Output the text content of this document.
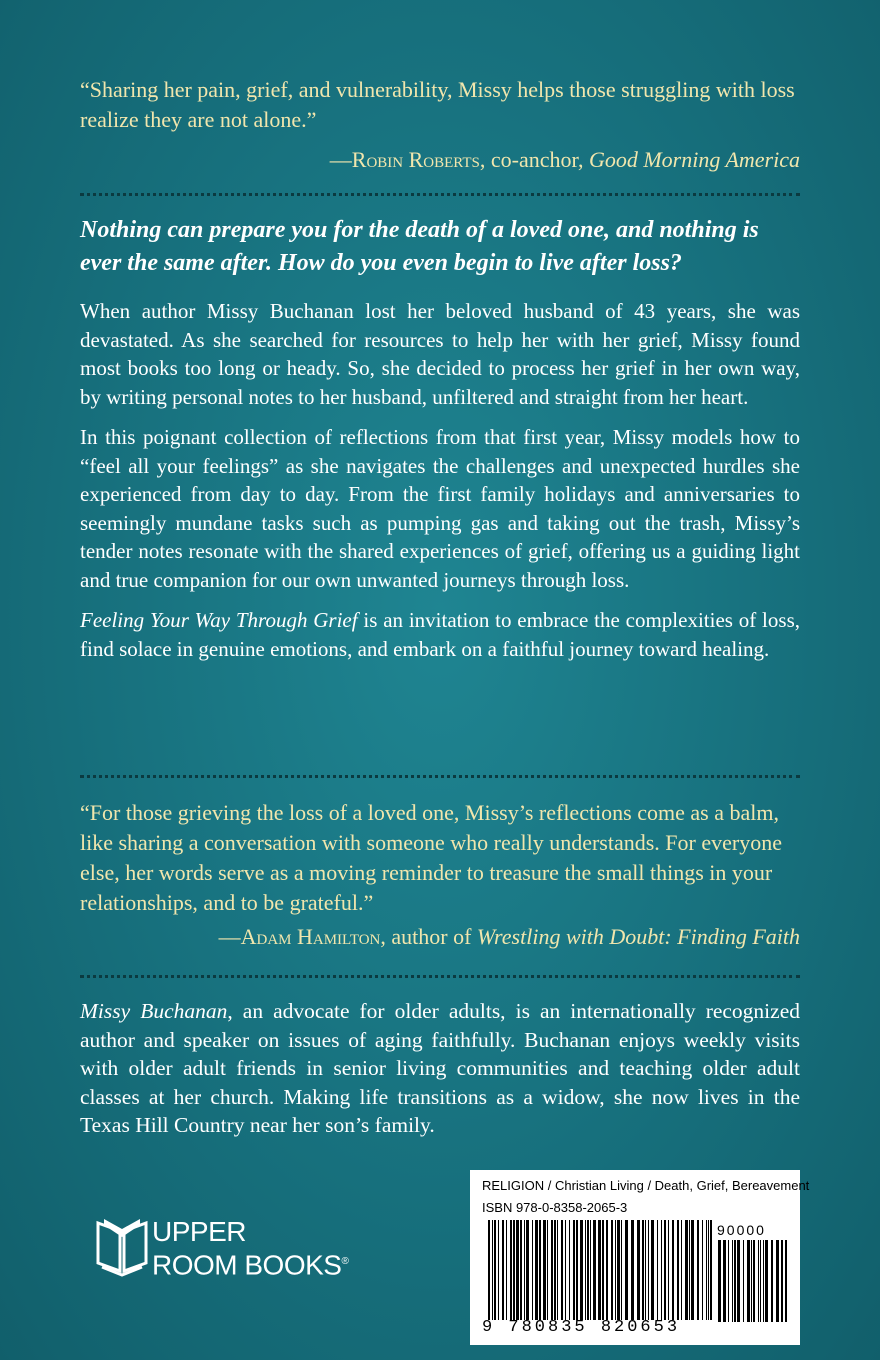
“Sharing her pain, grief, and vulnerability, Missy helps those struggling with loss realize they are not alone.”

—Robin Roberts, co-anchor, Good Morning America

Nothing can prepare you for the death of a loved one, and nothing is ever the same after. How do you even begin to live after loss?

When author Missy Buchanan lost her beloved husband of 43 years, she was devastated. As she searched for resources to help her with her grief, Missy found most books too long or heady. So, she decided to process her grief in her own way, by writing personal notes to her husband, unfiltered and straight from her heart.

In this poignant collection of reflections from that first year, Missy models how to “feel all your feelings” as she navigates the challenges and unexpected hurdles she experienced from day to day. From the first family holidays and anniversaries to seemingly mundane tasks such as pumping gas and taking out the trash, Missy’s tender notes resonate with the shared experiences of grief, offering us a guiding light and true companion for our own unwanted journeys through loss.

Feeling Your Way Through Grief is an invitation to embrace the complexities of loss, find solace in genuine emotions, and embark on a faithful journey toward healing.

“For those grieving the loss of a loved one, Missy’s reflections come as a balm, like sharing a conversation with someone who really understands. For everyone else, her words serve as a moving reminder to treasure the small things in your relationships, and to be grateful.”

—Adam Hamilton, author of Wrestling with Doubt: Finding Faith

Missy Buchanan, an advocate for older adults, is an internationally recognized author and speaker on issues of aging faithfully. Buchanan enjoys weekly visits with older adult friends in senior living communities and teaching older adult classes at her church. Making life transitions as a widow, she now lives in the Texas Hill Country near her son’s family.

UPPER
ROOM BOOKS®
RELIGION / Christian Living / Death, Grief, Bereavement
ISBN 978-0-8358-2065-3
90000
9 780835 820653
